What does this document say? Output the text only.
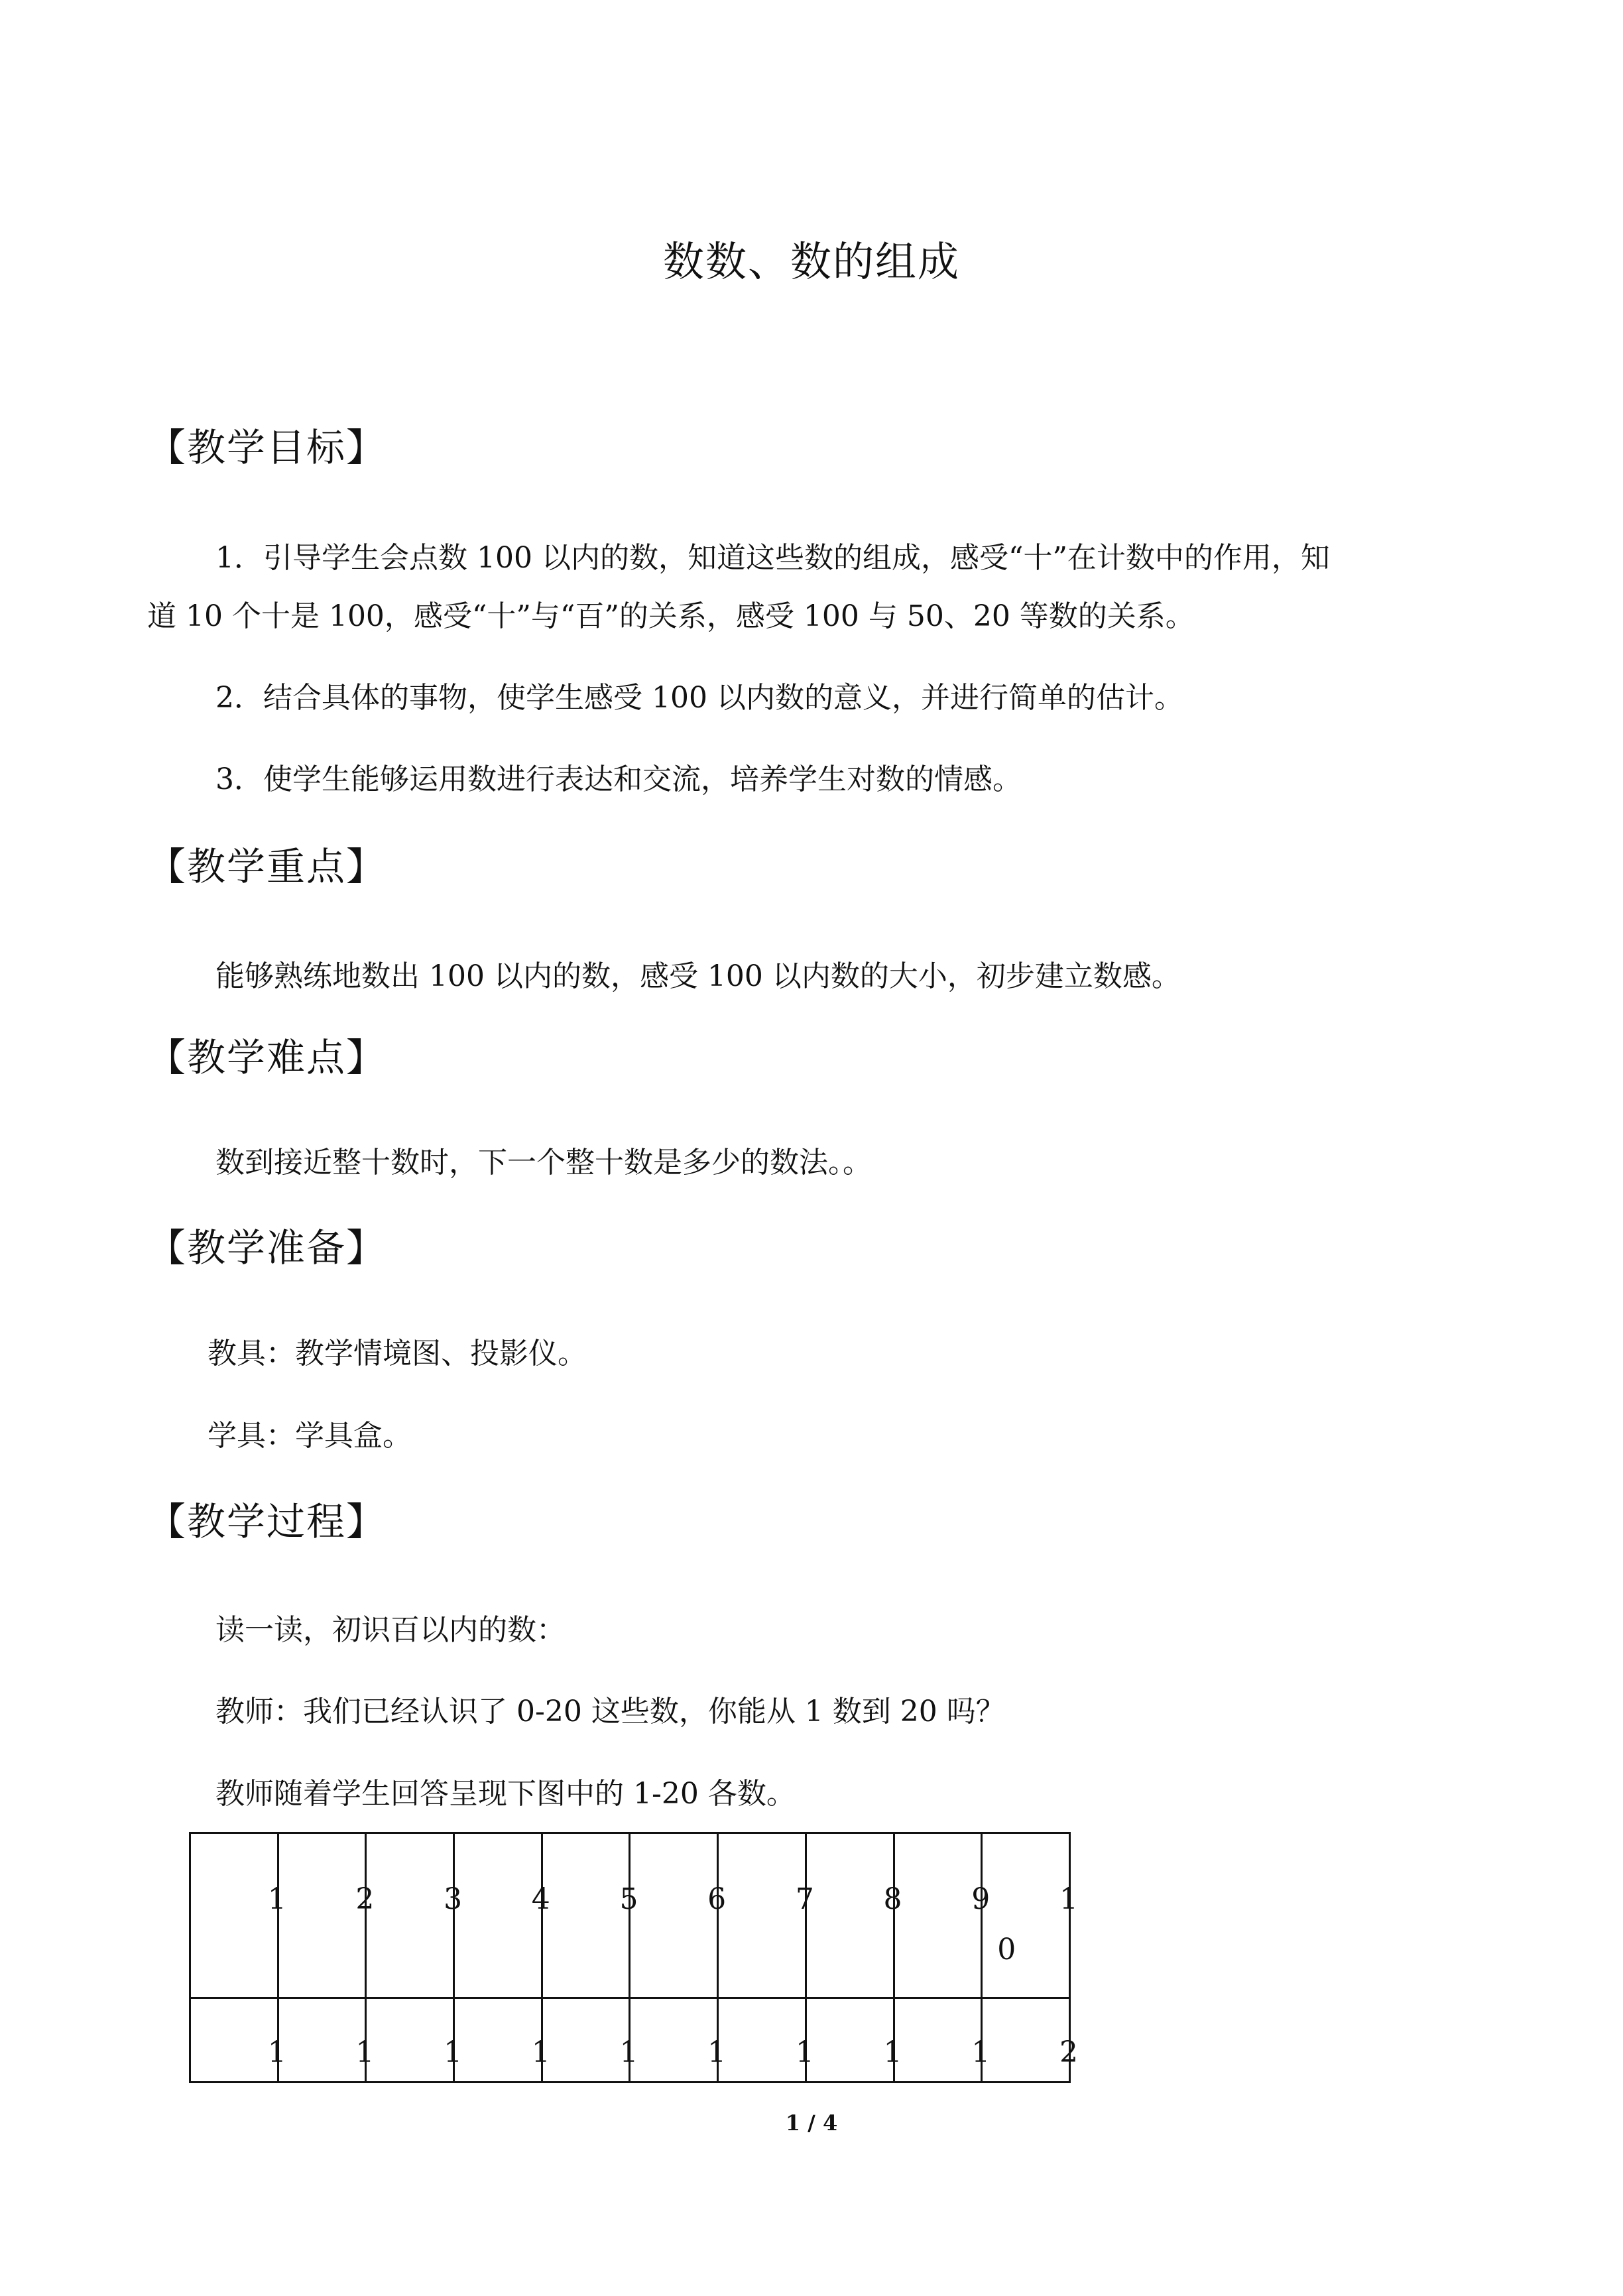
数数、数的组成
【教学目标】
1．引导学生会点数 100 以内的数，知道这些数的组成，感受“十”在计数中的作用，知
道 10 个十是 100，感受“十”与“百”的关系，感受 100 与 50、20 等数的关系。
2．结合具体的事物，使学生感受 100 以内数的意义，并进行简单的估计。
3．使学生能够运用数进行表达和交流，培养学生对数的情感。
【教学重点】
能够熟练地数出 100 以内的数，感受 100 以内数的大小，初步建立数感。
【教学难点】
数到接近整十数时，下一个整十数是多少的数法。。
【教学准备】
教具：教学情境图、投影仪。
学具：学具盒。
【教学过程】
读一读，初识百以内的数：
教师：我们已经认识了 0-20 这些数，你能从 1 数到 20 吗？
教师随着学生回答呈现下图中的 1-20 各数。
1	2	3	4	5	6	7	8	9	1
0

1	1	1	1	1	1	1	1	1	2
1 / 4
